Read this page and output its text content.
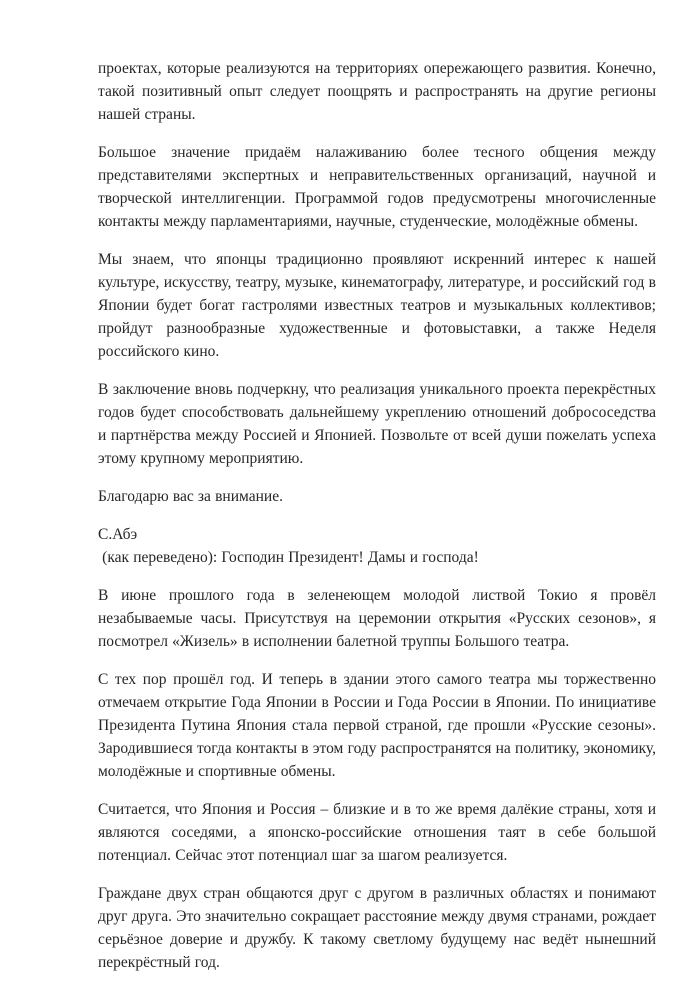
проектах, которые реализуются на территориях опережающего развития. Конечно, такой позитивный опыт следует поощрять и распространять на другие регионы нашей страны.

Большое значение придаём налаживанию более тесного общения между представителями экспертных и неправительственных организаций, научной и творческой интеллигенции. Программой годов предусмотрены многочисленные контакты между парламентариями, научные, студенческие, молодёжные обмены.

Мы знаем, что японцы традиционно проявляют искренний интерес к нашей культуре, искусству, театру, музыке, кинематографу, литературе, и российский год в Японии будет богат гастролями известных театров и музыкальных коллективов; пройдут разнообразные художественные и фотовыставки, а также Неделя российского кино.

В заключение вновь подчеркну, что реализация уникального проекта перекрёстных годов будет способствовать дальнейшему укреплению отношений добрососедства и партнёрства между Россией и Японией. Позвольте от всей души пожелать успеха этому крупному мероприятию.

Благодарю вас за внимание.

С.Абэ

(как переведено): Господин Президент! Дамы и господа!

В июне прошлого года в зеленеющем молодой листвой Токио я провёл незабываемые часы. Присутствуя на церемонии открытия «Русских сезонов», я посмотрел «Жизель» в исполнении балетной труппы Большого театра.

С тех пор прошёл год. И теперь в здании этого самого театра мы торжественно отмечаем открытие Года Японии в России и Года России в Японии. По инициативе Президента Путина Япония стала первой страной, где прошли «Русские сезоны». Зародившиеся тогда контакты в этом году распространятся на политику, экономику, молодёжные и спортивные обмены.

Считается, что Япония и Россия – близкие и в то же время далёкие страны, хотя и являются соседями, а японско-российские отношения таят в себе большой потенциал. Сейчас этот потенциал шаг за шагом реализуется.

Граждане двух стран общаются друг с другом в различных областях и понимают друг друга. Это значительно сокращает расстояние между двумя странами, рождает серьёзное доверие и дружбу. К такому светлому будущему нас ведёт нынешний перекрёстный год.
